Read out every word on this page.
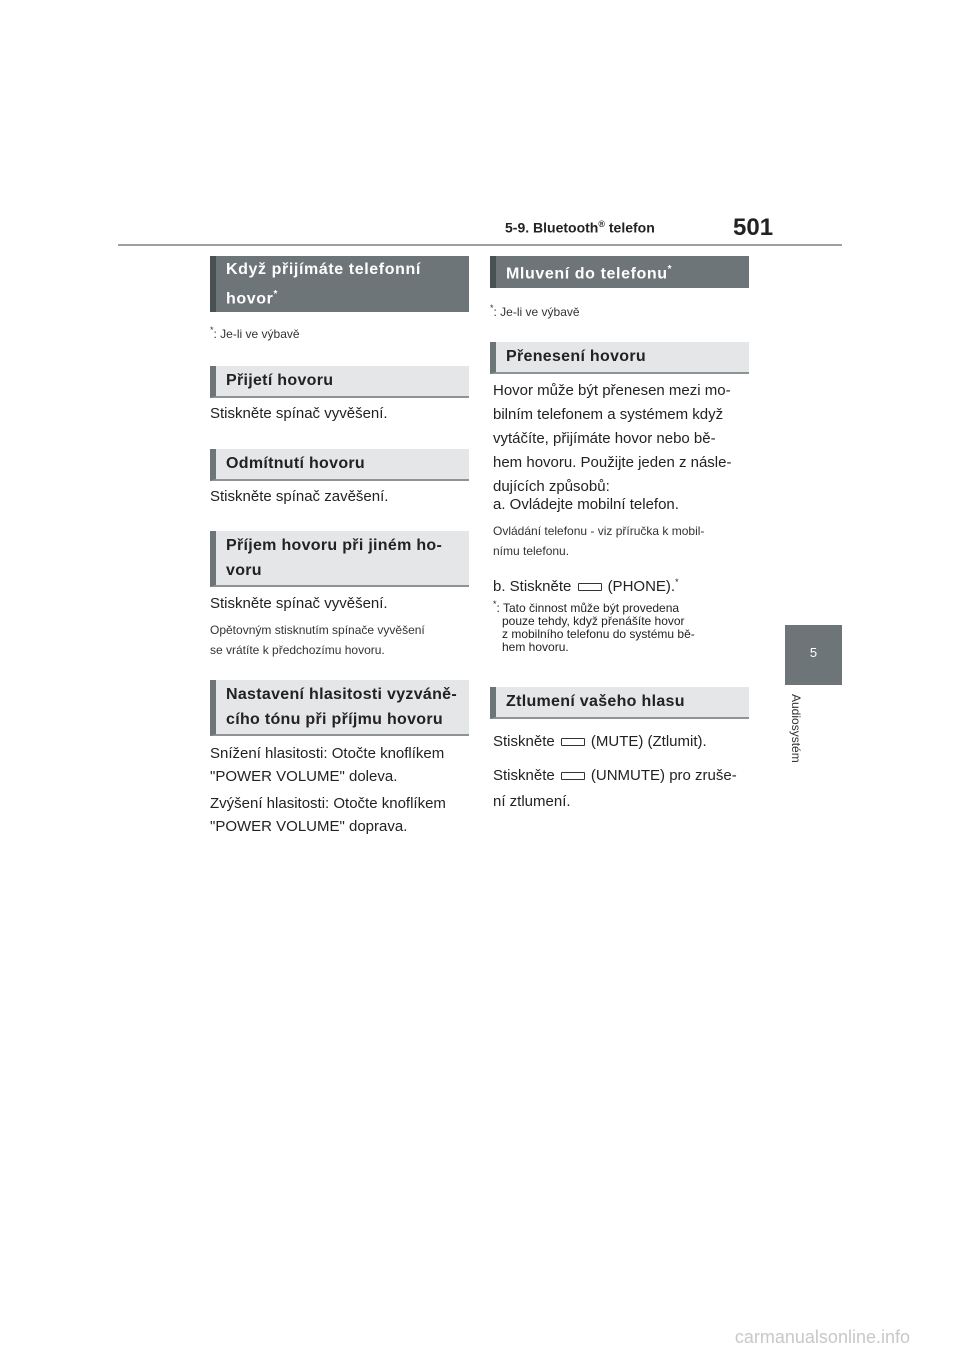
5-9. Bluetooth® telefon	501
5
Audiosystém
Když přijímáte telefonní
hovor*
*: Je-li ve výbavě
Přijetí hovoru
Stiskněte spínač vyvěšení.
Odmítnutí hovoru
Stiskněte spínač zavěšení.
Příjem hovoru při jiném ho-
voru
Stiskněte spínač vyvěšení.
Opětovným stisknutím spínače vyvěšení
se vrátíte k předchozímu hovoru.
Nastavení hlasitosti vyzváně-
cího tónu při příjmu hovoru
Snížení hlasitosti: Otočte knoflíkem
"POWER VOLUME" doleva.
Zvýšení hlasitosti: Otočte knoflíkem
"POWER VOLUME" doprava.
Mluvení do telefonu*
*: Je-li ve výbavě
Přenesení hovoru
Hovor může být přenesen mezi mo-
bilním telefonem a systémem když
vytáčíte, přijímáte hovor nebo bě-
hem hovoru. Použijte jeden z násle-
dujících způsobů:
a. Ovládejte mobilní telefon.
Ovládání telefonu - viz příručka k mobil-
nímu telefonu.
b. Stiskněte (PHONE).*
*: Tato činnost může být provedena
pouze tehdy, když přenášíte hovor
z mobilního telefonu do systému bě-
hem hovoru.
Ztlumení vašeho hlasu
Stiskněte (MUTE) (Ztlumit).
Stiskněte (UNMUTE) pro zruše-
ní ztlumení.
carmanualsonline.info
